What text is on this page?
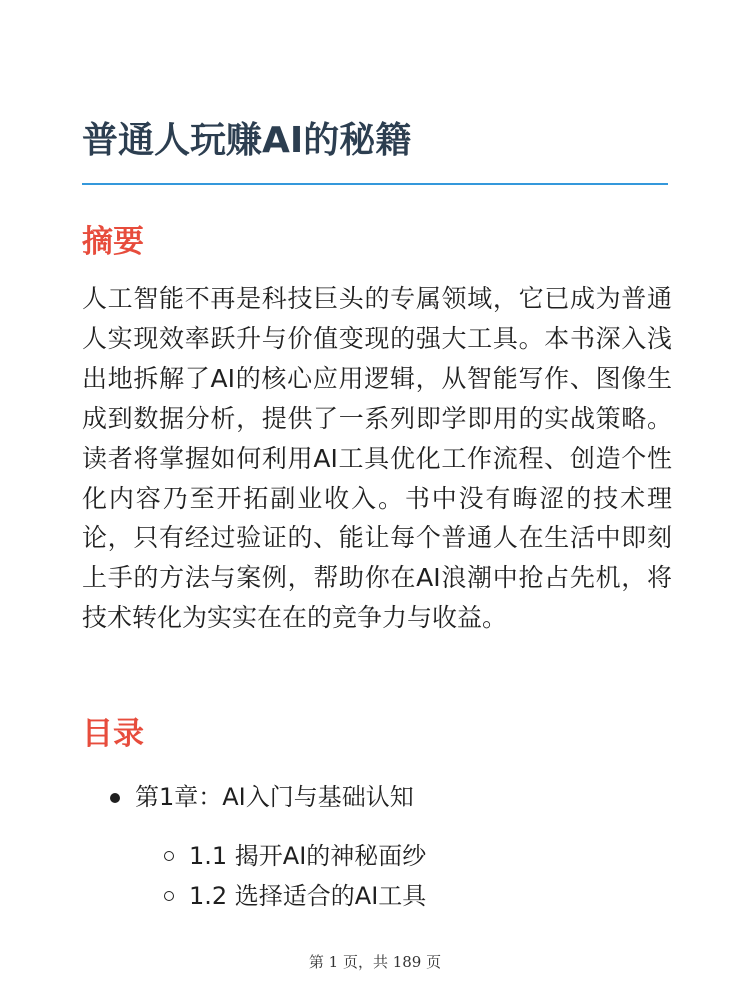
普通人玩赚AI的秘籍
摘要

人工智能不再是科技巨头的专属领域，它已成为普通人实现效率跃升与价值变现的强大工具。本书深入浅出地拆解了AI的核心应用逻辑，从智能写作、图像生成到数据分析，提供了一系列即学即用的实战策略。读者将掌握如何利用AI工具优化工作流程、创造个性化内容乃至开拓副业收入。书中没有晦涩的技术理论，只有经过验证的、能让每个普通人在生活中即刻上手的方法与案例，帮助你在AI浪潮中抢占先机，将技术转化为实实在在的竞争力与收益。

目录
第1章：AI入门与基础认知
1.1 揭开AI的神秘面纱
1.2 选择适合的AI工具
第 1 页，共 189 页
